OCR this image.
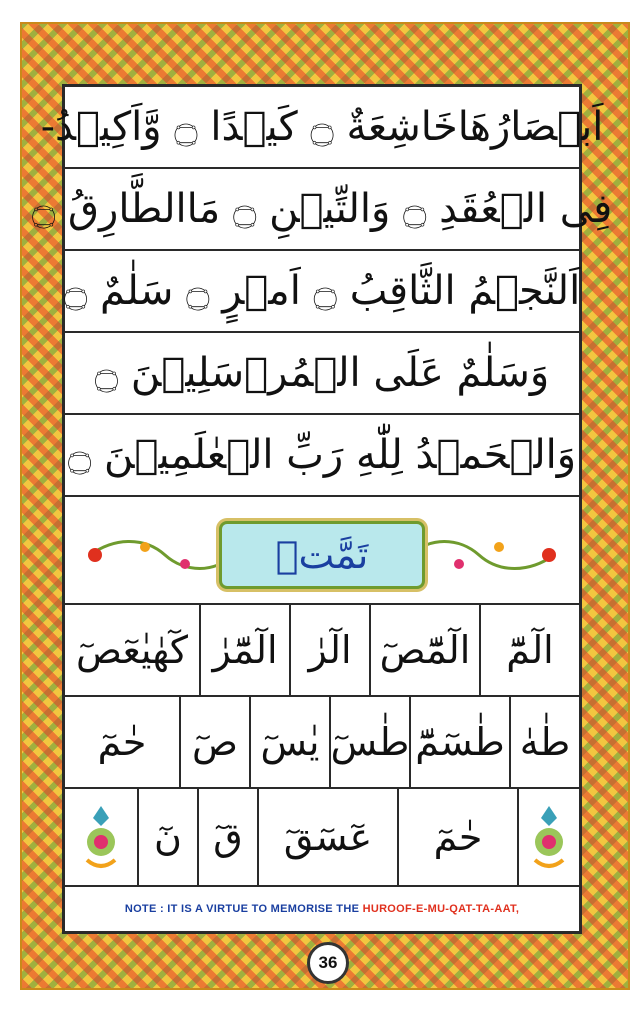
اَبۡصَارُهَاخَاشِعَةٌ ۝ كَيۡدًا ۝ وَّاَكِيۡدُ-
فِى الۡعُقَدِ ۝ وَالتِّيۡنِ ۝ مَاالطَّارِقُ ۝
اَلنَّجۡمُ الثَّاقِبُ ۝ اَمۡرٍ ۝ سَلٰمٌ ۝
وَسَلٰمٌ عَلَى الۡمُرۡسَلِيۡنَ ۝
وَالۡحَمۡدُ لِلّٰهِ رَبِّ الۡعٰلَمِيۡنَ ۝
تَمَّتۡ
الٓمّٓ
الٓمّٓصٓ
الٓرٰ
الٓمّٓرٰ
كٓهٰيٰعٓصٓ
طٰهٰ
طٰسٓمّٓ
طٰسٓ
يٰسٓ
صٓ
حٰمٓ
حٰمٓ
عٓسٓقٓ
قٓ
نٓ
NOTE :
IT IS A VIRTUE TO MEMORISE THE
HUROOF-E-MU-QAT-TA-AAT,
36
